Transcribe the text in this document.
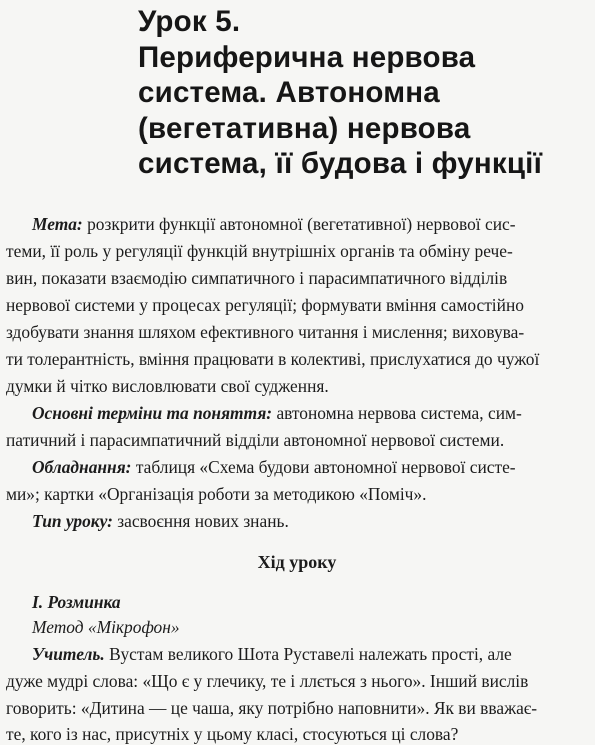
Урок 5.
Периферична нервова
система. Автономна
(вегетативна) нервова
система, її будова і функції
Мета: розкрити функції автономної (вегетативної) нервової сис-
теми, її роль у регуляції функцій внутрішніх органів та обміну рече-
вин, показати взаємодію симпатичного і парасимпатичного відділів
нервової системи у процесах регуляції; формувати вміння самостійно
здобувати знання шляхом ефективного читання і мислення; виховува-
ти толерантність, вміння працювати в колективі, прислухатися до чужої
думки й чітко висловлювати свої судження.
Основні терміни та поняття: автономна нервова система, сим-
патичний і парасимпатичний відділи автономної нервової системи.
Обладнання: таблиця «Схема будови автономної нервової систе-
ми»; картки «Організація роботи за методикою «Поміч».
Тип уроку: засвоєння нових знань.
Хід уроку
I. Розминка
Метод «Мікрофон»
Учитель. Вустам великого Шота Руставелі належать прості, але
дуже мудрі слова: «Що є у глечику, те і ллється з нього». Інший вислів
говорить: «Дитина — це чаша, яку потрібно наповнити». Як ви вважає-
те, кого із нас, присутніх у цьому класі, стосуються ці слова?
